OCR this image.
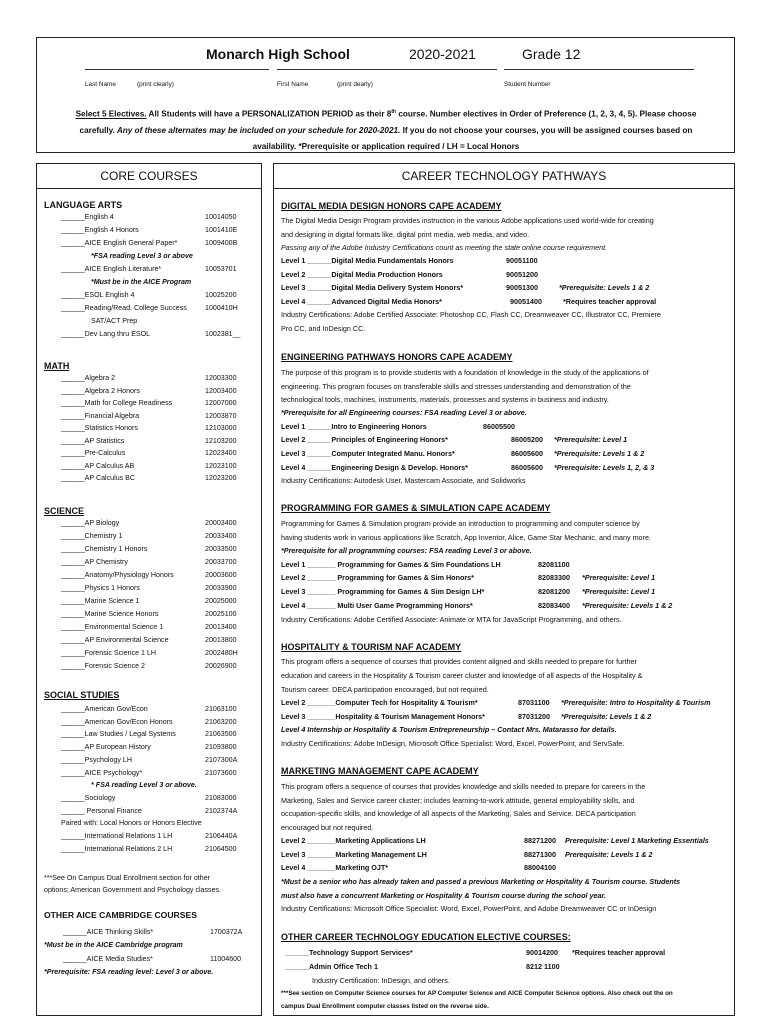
Monarch High School	2020-2021	Grade 12
Last Name	(print clearly)	First Name	(print dearly)	Student Number
Select 5 Electives. All Students will have a PERSONALIZATION PERIOD as their 8th course. Number electives in Order of Preference (1, 2, 3, 4, 5). Please choose
carefully. Any of these alternates may be included on your schedule for 2020-2021. If you do not choose your courses, you will be assigned courses based on
availability. *Prerequisite or application required / LH = Local Honors
CORE COURSES
LANGUAGE ARTS
______English 4	10014050
______English 4 Honors	1001410E
______AICE English General Paper*	1009400B
*FSA reading Level 3 or above
______AICE English Literature*	10053701
*Must be in the AICE Program
______ESOL English 4	10025200
______Reading/Read. College Success	1000410H
SAT/ACT Prep
______Dev Lang thru ESOL	1002381__
MATH
______Algebra 2	12003300
______Algebra 2 Honors	12003400
______Math for College Readiness	12007000
______Financial Algebra	12003870
______Statistics Honors	12103000
______AP Statistics	12103200
______Pre-Calculus	12023400
______AP Calculus AB	12023100
______AP Calculus BC	12023200
SCIENCE
______AP Biology	20003400
______Chemistry 1	20033400
______Chemistry 1 Honors	20033500
______AP Chemistry	20033700
______Anatomy/Physiology Honors	20003600
______Physics 1 Honors	20033900
______Marine Science 1	20025000
______Marine Science Honors	20025100
______Environmental Science 1	20013400
______AP Environmental Science	20013800
______Forensic Science 1 LH	2002480H
______Forensic Science 2	20026900
SOCIAL STUDIES
______American Gov/Econ	21063100
______American Gov/Econ Honors	21063200
______Law Studies / Legal Systems	21063500
______AP European History	21093800
______Psychology LH	2107300A
______AICE Psychology*	21073600
* FSA reading Level 3 or above.
______Sociology	21083000
______ Personal Finance	2102374A
Paired with: Local Honors or Honors Elective
______International Relations 1 LH	2106440A
______International Relations 2 LH	21064500
***See On Campus Dual Enrollment section for other
options; American Government and Psychology classes.
OTHER AICE CAMBRIDGE COURSES
______AICE Thinking Skills*	1700372A
*Must be in the AICE Cambridge program
______AICE Media Studies*	11004600
*Prerequisite: FSA reading level: Level 3 or above.
CAREER TECHNOLOGY PATHWAYS
DIGITAL MEDIA DESIGN HONORS CAPE ACADEMY
The Digital Media Design Program provides instruction in the various Adobe applications used world-wide for creating
and designing in digital formats like, digital print media, web media, and video.
Passing any of the Adobe Industry Certifications count as meeting the state online course requirement.
Level 1 ______Digital Media Fundamentals Honors	90051100
Level 2 ______Digital Media Production Honors	90051200
Level 3 ______Digital Media Delivery System Honors*	90051300	*Prerequisite: Levels 1 & 2
Level 4 ______Advanced Digital Media Honors*	90051400	*Requires teacher approval
Industry Certifications: Adobe Certified Associate: Photoshop CC, Flash CC, Dreamweaver CC, Illustrator CC, Premiere
Pro CC, and InDesign CC.
ENGINEERING PATHWAYS HONORS CAPE ACADEMY
The purpose of this program is to provide students with a foundation of knowledge in the study of the applications of
engineering. This program focuses on transferable skills and stresses understanding and demonstration of the
technological tools, machines, instruments, materials, processes and systems in business and industry.
*Prerequisite for all Engineering courses: FSA reading Level 3 or above.
Level 1 ______Intro to Engineering Honors	86005500
Level 2 ______Principles of Engineering Honors*	86005200 *Prerequisite: Level 1
Level 3 ______Computer Integrated Manu. Honors*	86005600 *Prerequisite: Levels 1 & 2
Level 4 ______Engineering Design & Develop. Honors*	86005600 *Prerequisite: Levels 1, 2, & 3
Industry Certifications: Autodesk User, Mastercam Associate, and Solidworks
PROGRAMMING FOR GAMES & SIMULATION CAPE ACADEMY
Programming for Games & Simulation program provide an introduction to programming and computer science by
having students work in various applications like Scratch, App Inventor, Alice, Game Star Mechanic, and many more.
*Prerequisite for all programming courses: FSA reading Level 3 or above.
Level 1 _______ Programming for Games & Sim Foundations LH	82081100
Level 2 _______ Programming for Games & Sim Honors*	82083300 *Prerequisite: Level 1
Level 3 _______ Programming for Games & Sim Design LH*	82081200 *Prerequisite: Level 1
Level 4 _______ Multi User Game Programming Honors*	82083400 *Prerequisite: Levels 1 & 2
Industry Certifications: Adobe Certified Associate: Animate or MTA for JavaScript Programming, and others.
HOSPITALITY & TOURISM NAF ACADEMY
This program offers a sequence of courses that provides content aligned and skills needed to prepare for further
education and careers in the Hospitality & Tourism career cluster and knowledge of all aspects of the Hospitality &
Tourism career. DECA participation encouraged, but not required.
Level 2 _______Computer Tech for Hospitality & Tourism*	87031100 *Prerequisite: Intro to Hospitality & Tourism
Level 3 _______Hospitality & Tourism Management Honors*	87031200 *Prerequisite: Levels 1 & 2
Level 4 Internship or Hospitality & Tourism Entrepreneurship – Contact Mrs. Matarasso for details.
Industry Certifications: Adobe InDesign, Microsoft Office Specialist: Word, Excel, PowerPoint, and ServSafe.
MARKETING MANAGEMENT CAPE ACADEMY
This program offers a sequence of courses that provides knowledge and skills needed to prepare for careers in the
Marketing, Sales and Service career cluster; includes learning-to-work attitude, general employability skills, and
occupation-specific skills, and knowledge of all aspects of the Marketing, Sales and Service. DECA participation
encouraged but not required.
Level 2 _______Marketing Applications LH	88271200 Prerequisite: Level 1 Marketing Essentials
Level 3 _______Marketing Management LH	88271300 Prerequisite: Levels 1 & 2
Level 4 _______Marketing OJT*	88004100
*Must be a senior who has already taken and passed a previous Marketing or Hospitality & Tourism course. Students
must also have a concurrent Marketing or Hospitality & Tourism course during the school year.
Industry Certifications: Microsoft Office Specialist: Word, Excel, PowerPoint, and Adobe Dreamweaver CC or InDesign
OTHER CAREER TECHNOLOGY EDUCATION ELECTIVE COURSES:
______Technology Support Services*	90014200 *Requires teacher approval
______Admin Office Tech 1	8212 1100
Industry Certification: InDesign, and others.
***See section on Computer Science courses for AP Computer Science and AICE Computer Science options. Also check out the on
campus Dual Enrollment computer classes listed on the reverse side.
